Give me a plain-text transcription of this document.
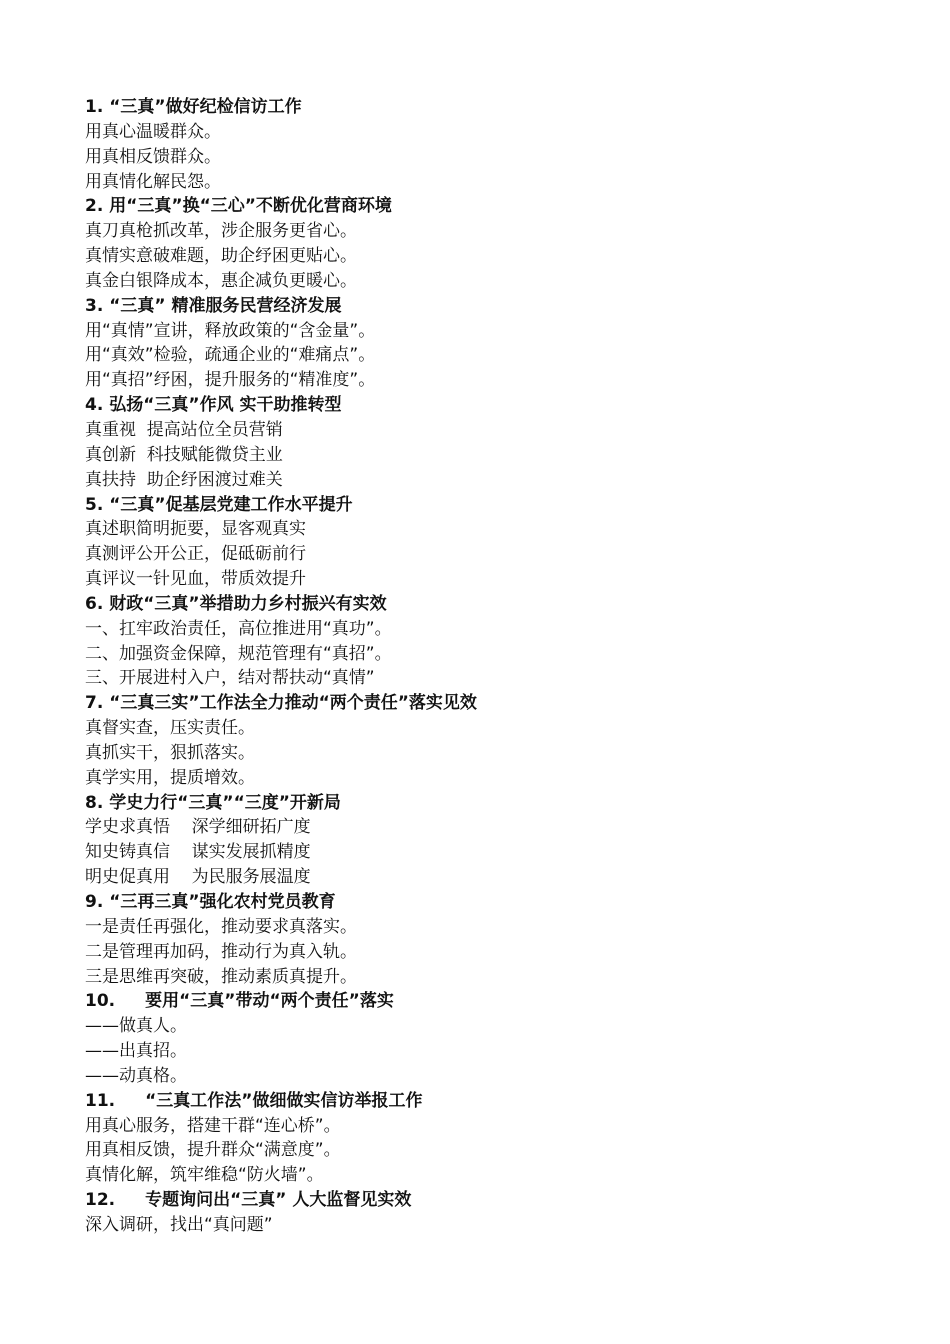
1. “三真”做好纪检信访工作
用真心温暖群众。
用真相反馈群众。
用真情化解民怨。
2. 用“三真”换“三心”不断优化营商环境
真刀真枪抓改革，涉企服务更省心。
真情实意破难题，助企纾困更贴心。
真金白银降成本，惠企减负更暖心。
3. “三真” 精准服务民营经济发展
用“真情”宣讲，释放政策的“含金量”。
用“真效”检验，疏通企业的“难痛点”。
用“真招”纾困，提升服务的“精准度”。
4. 弘扬“三真”作风 实干助推转型
真重视  提高站位全员营销
真创新  科技赋能微贷主业
真扶持  助企纾困渡过难关
5. “三真”促基层党建工作水平提升
真述职简明扼要，显客观真实
真测评公开公正，促砥砺前行
真评议一针见血，带质效提升
6. 财政“三真”举措助力乡村振兴有实效
一、扛牢政治责任，高位推进用“真功”。
二、加强资金保障，规范管理有“真招”。
三、开展进村入户，结对帮扶动“真情”
7. “三真三实”工作法全力推动“两个责任”落实见效
真督实查，压实责任。
真抓实干，狠抓落实。
真学实用，提质增效。
8. 学史力行“三真”“三度”开新局
学史求真悟    深学细研拓广度
知史铸真信    谋实发展抓精度
明史促真用    为民服务展温度
9. “三再三真”强化农村党员教育
一是责任再强化，推动要求真落实。
二是管理再加码，推动行为真入轨。
三是思维再突破，推动素质真提升。
10. 要用“三真”带动“两个责任”落实
——做真人。
——出真招。
——动真格。
11. “三真工作法”做细做实信访举报工作
用真心服务，搭建干群“连心桥”。
用真相反馈，提升群众“满意度”。
真情化解，筑牢维稳“防火墙”。
12. 专题询问出“三真” 人大监督见实效
深入调研，找出“真问题”
